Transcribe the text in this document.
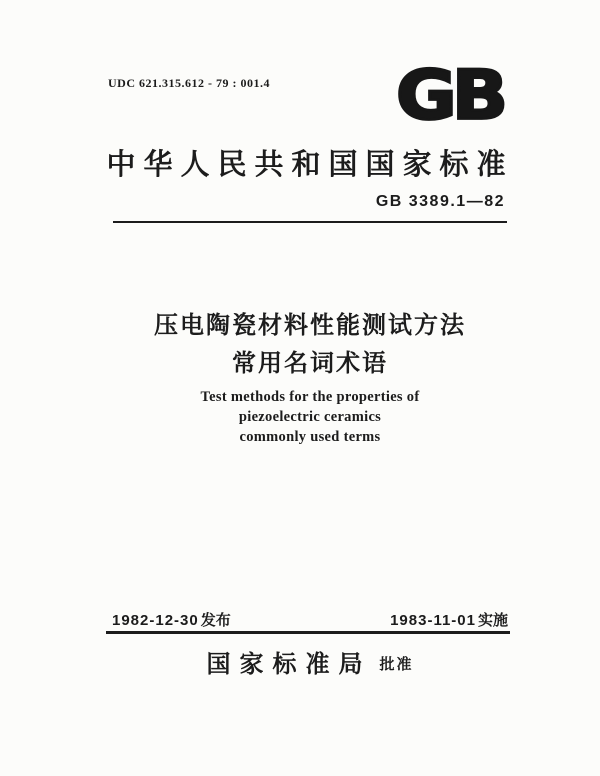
UDC 621.315.612 - 79 : 001.4 GB
中华人民共和国国家标准
GB 3389.1—82
压电陶瓷材料性能测试方法
常用名词术语
Test methods for the properties of
piezoelectric ceramics
commonly used terms
1982-12-30 发布	1983-11-01 实施
国家标准局 批准
